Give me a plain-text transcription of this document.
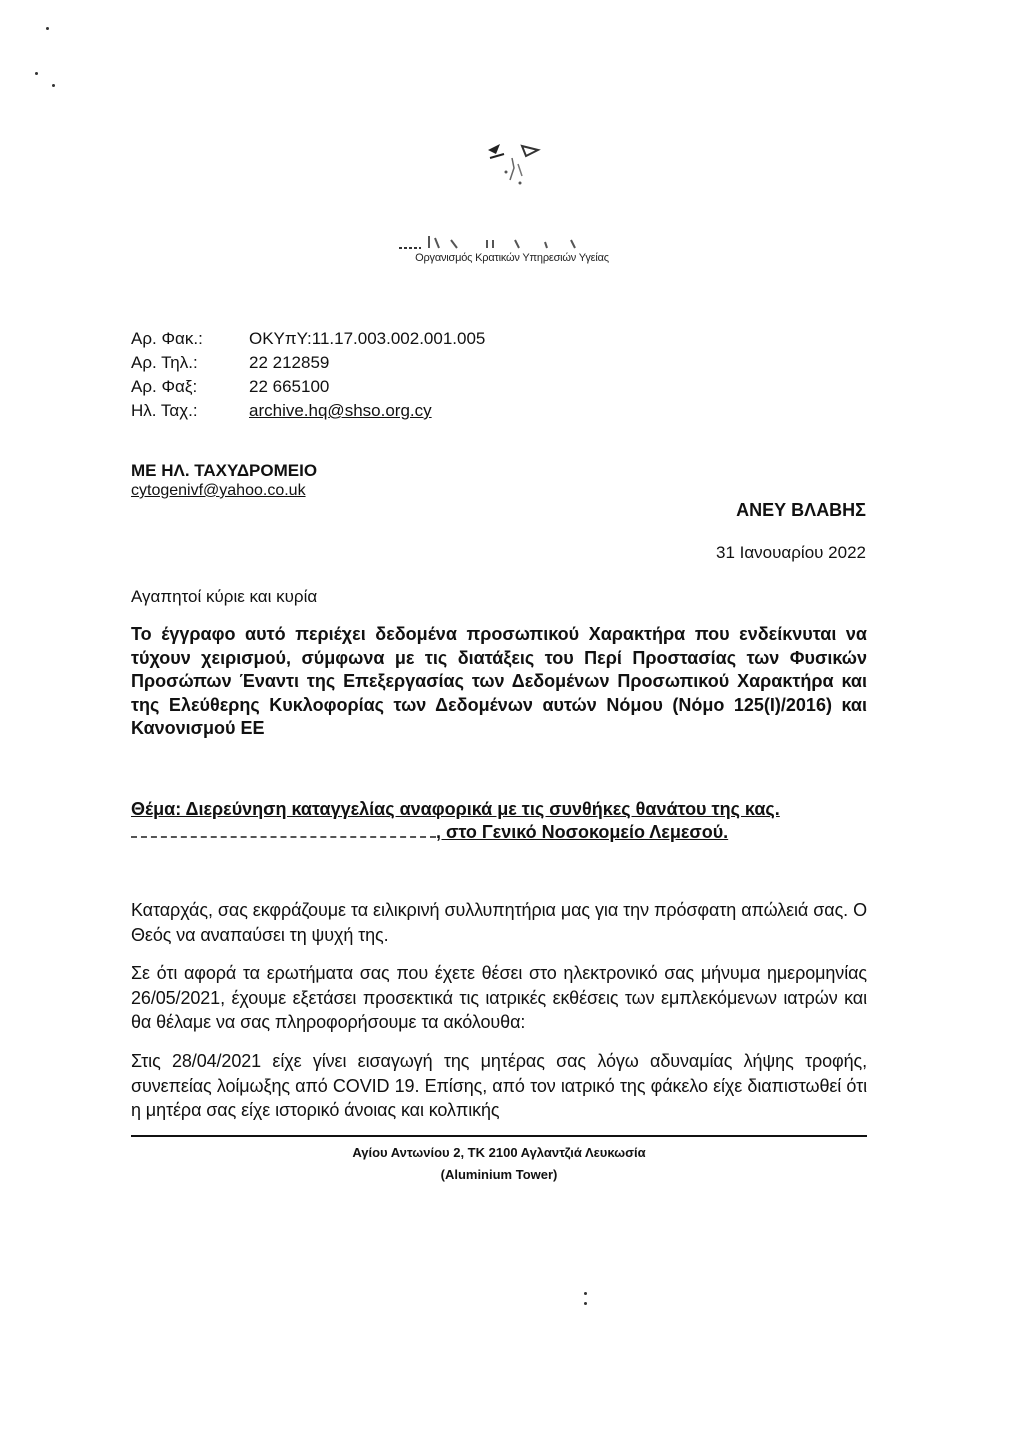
Οργανισμός Κρατικών Υπηρεσιών Υγείας
Αρ. Φακ.:	ΟΚΥπΥ:11.17.003.002.001.005
Αρ. Τηλ.:	22 212859
Αρ. Φαξ:	22 665100
Ηλ. Ταχ.:	archive.hq@shso.org.cy
ΜΕ ΗΛ. ΤΑΧΥΔΡΟΜΕΙΟ
cytogenivf@yahoo.co.uk
ΑΝΕΥ ΒΛΑΒΗΣ
31 Ιανουαρίου 2022
Αγαπητοί κύριε και κυρία
Το έγγραφο αυτό περιέχει δεδομένα προσωπικού Χαρακτήρα που ενδείκνυται να τύχουν χειρισμού, σύμφωνα με τις διατάξεις του Περί Προστασίας των Φυσικών Προσώπων Έναντι της Επεξεργασίας των Δεδομένων Προσωπικού Χαρακτήρα και της Ελεύθερης Κυκλοφορίας των Δεδομένων αυτών Νόμου (Νόμο 125(Ι)/2016) και Κανονισμού ΕΕ
Θέμα: Διερεύνηση καταγγελίας αναφορικά με τις συνθήκες θανάτου της κας. , στο Γενικό Νοσοκομείο Λεμεσού.
Καταρχάς, σας εκφράζουμε τα ειλικρινή συλλυπητήρια μας για την πρόσφατη απώλειά σας. Ο Θεός να αναπαύσει τη ψυχή της.
Σε ότι αφορά τα ερωτήματα σας που έχετε θέσει στο ηλεκτρονικό σας μήνυμα ημερομηνίας 26/05/2021, έχουμε εξετάσει προσεκτικά τις ιατρικές εκθέσεις των εμπλεκόμενων ιατρών και θα θέλαμε να σας πληροφορήσουμε τα ακόλουθα:
Στις 28/04/2021 είχε γίνει εισαγωγή της μητέρας σας λόγω αδυναμίας λήψης τροφής, συνεπείας λοίμωξης από COVID 19. Επίσης, από τον ιατρικό της φάκελο είχε διαπιστωθεί ότι η μητέρα σας είχε ιστορικό άνοιας και κολπικής
Αγίου Αντωνίου 2, ΤΚ 2100 Αγλαντζιά Λευκωσία
(Aluminium Tower)
